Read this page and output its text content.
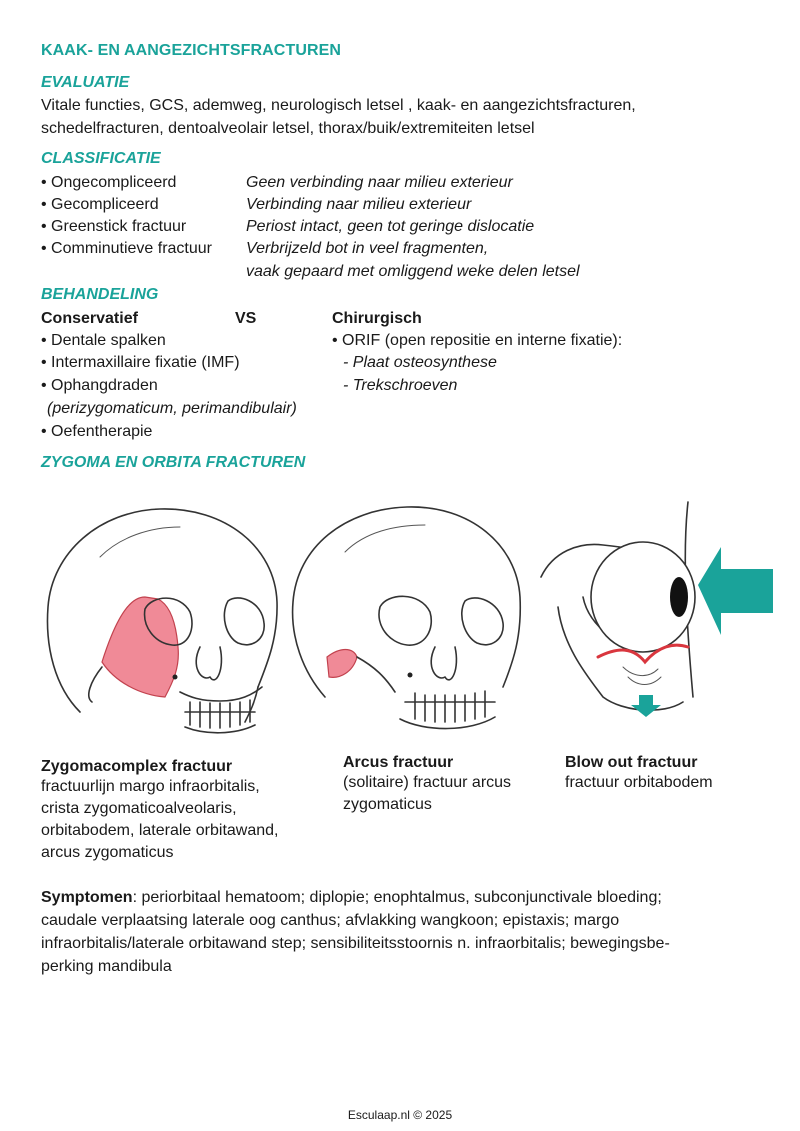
KAAK- EN AANGEZICHTSFRACTUREN
EVALUATIE
Vitale functies, GCS, ademweg, neurologisch letsel , kaak- en aangezichtsfracturen,
schedelfracturen, dentoalveolair letsel, thorax/buik/extremiteiten letsel
CLASSIFICATIE
• Ongecompliceerd	Geen verbinding naar milieu exterieur
• Gecompliceerd	Verbinding naar milieu exterieur
• Greenstick fractuur	Periost intact, geen tot geringe dislocatie
• Comminutieve fractuur Verbrijzeld bot in veel fragmenten,
vaak gepaard met omliggend weke delen letsel
BEHANDELING
Conservatief	VS	Chirurgisch
• Dentale spalken
• Intermaxillaire fixatie (IMF)
• Ophangdraden
(perizygomaticum, perimandibulair)
• Oefentherapie
• ORIF (open repositie en interne fixatie):
- Plaat osteosynthese
- Trekschroeven
ZYGOMA EN ORBITA FRACTUREN
Zygomacomplex fractuur
fractuurlijn margo infraorbitalis,
crista zygomaticoalveolaris,
orbitabodem, laterale orbitawand,
arcus zygomaticus
Arcus fractuur
(solitaire) fractuur arcus
zygomaticus
Blow out fractuur
fractuur orbitabodem
Symptomen: periorbitaal hematoom; diplopie; enophtalmus, subconjunctivale bloeding;
caudale verplaatsing laterale oog canthus; afvlakking wangkoon; epistaxis; margo
infraorbitalis/laterale orbitawand step; sensibiliteitsstoornis n. infraorbitalis; bewegingsbe-
perking mandibula
Esculaap.nl © 2025
